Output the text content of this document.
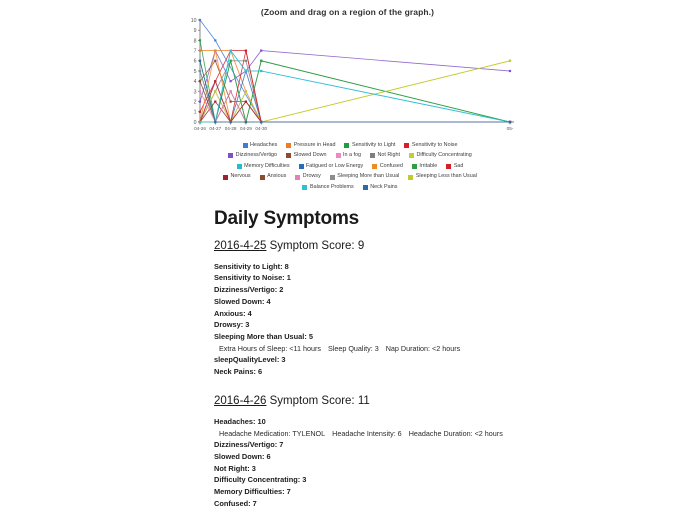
(Zoom and drag on a region of the graph.)
10
9
8
7
6
5
4
3
2
1
0
04-26 04-27 04-28 04-29 04-30	05-
Headaches	Pressure in Head	Sensitivity to Light	Sensitivity to Noise
Dizziness/Vertigo	Slowed Down	In a fog	Not Right	Difficulty Concentrating
Memory Difficulties	Fatigued or Low Energy	Confused	Irritable	Sad
Nervous	Anxious	Drowsy	Sleeping More than Usual	Sleeping Less than Usual
Balance Problems	Neck Pains
Daily Symptoms
2016-4-25 Symptom Score: 9
Sensitivity to Light: 8
Sensitivity to Noise: 1
Dizziness/Vertigo: 2
Slowed Down: 4
Anxious: 4
Drowsy: 3
Sleeping More than Usual: 5
Extra Hours of Sleep: <11 hours Sleep Quality: 3 Nap Duration: <2 hours
sleepQualityLevel: 3
Neck Pains: 6
2016-4-26 Symptom Score: 11
Headaches: 10
Headache Medication: TYLENOL Headache Intensity: 6 Headache Duration: <2 hours
Dizziness/Vertigo: 7
Slowed Down: 6
Not Right: 3
Difficulty Concentrating: 3
Memory Difficulties: 7
Confused: 7
